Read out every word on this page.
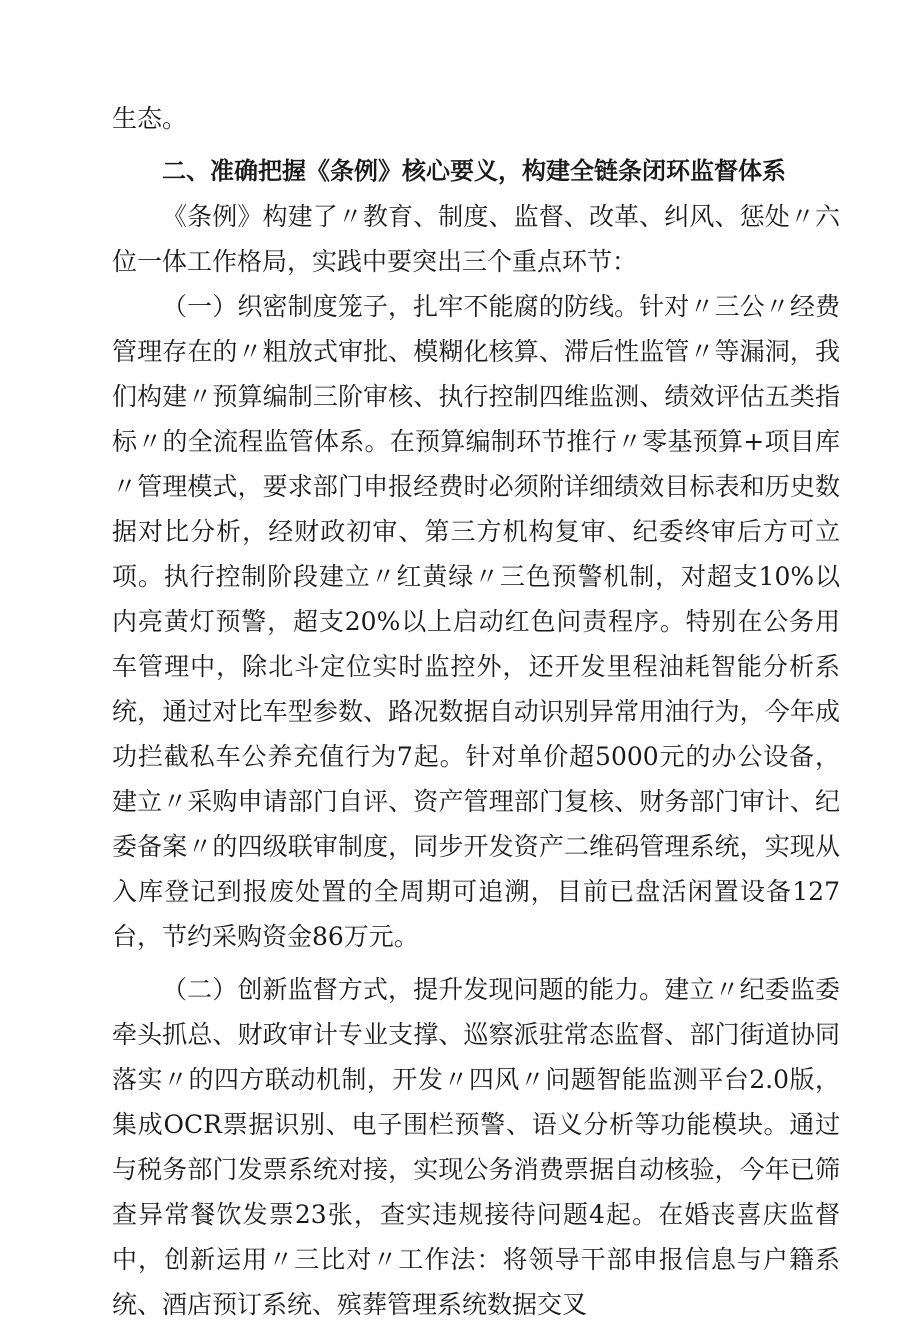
生态。

二、准确把握《条例》核心要义，构建全链条闭环监督体系

《条例》构建了〃教育、制度、监督、改革、纠风、惩处〃六位一体工作格局，实践中要突出三个重点环节：

（一）织密制度笼子，扎牢不能腐的防线。针对〃三公〃经费管理存在的〃粗放式审批、模糊化核算、滞后性监管〃等漏洞，我们构建〃预算编制三阶审核、执行控制四维监测、绩效评估五类指标〃的全流程监管体系。在预算编制环节推行〃零基预算+项目库〃管理模式，要求部门申报经费时必须附详细绩效目标表和历史数据对比分析，经财政初审、第三方机构复审、纪委终审后方可立项。执行控制阶段建立〃红黄绿〃三色预警机制，对超支10%以内亮黄灯预警，超支20%以上启动红色问责程序。特别在公务用车管理中，除北斗定位实时监控外，还开发里程油耗智能分析系统，通过对比车型参数、路况数据自动识别异常用油行为，今年成功拦截私车公养充值行为7起。针对单价超5000元的办公设备，建立〃采购申请部门自评、资产管理部门复核、财务部门审计、纪委备案〃的四级联审制度，同步开发资产二维码管理系统，实现从入库登记到报废处置的全周期可追溯，目前已盘活闲置设备127台，节约采购资金86万元。

（二）创新监督方式，提升发现问题的能力。建立〃纪委监委牵头抓总、财政审计专业支撑、巡察派驻常态监督、部门街道协同落实〃的四方联动机制，开发〃四风〃问题智能监测平台2.0版，集成OCR票据识别、电子围栏预警、语义分析等功能模块。通过与税务部门发票系统对接，实现公务消费票据自动核验，今年已筛查异常餐饮发票23张，查实违规接待问题4起。在婚丧喜庆监督中，创新运用〃三比对〃工作法：将领导干部申报信息与户籍系统、酒店预订系统、殡葬管理系统数据交叉
